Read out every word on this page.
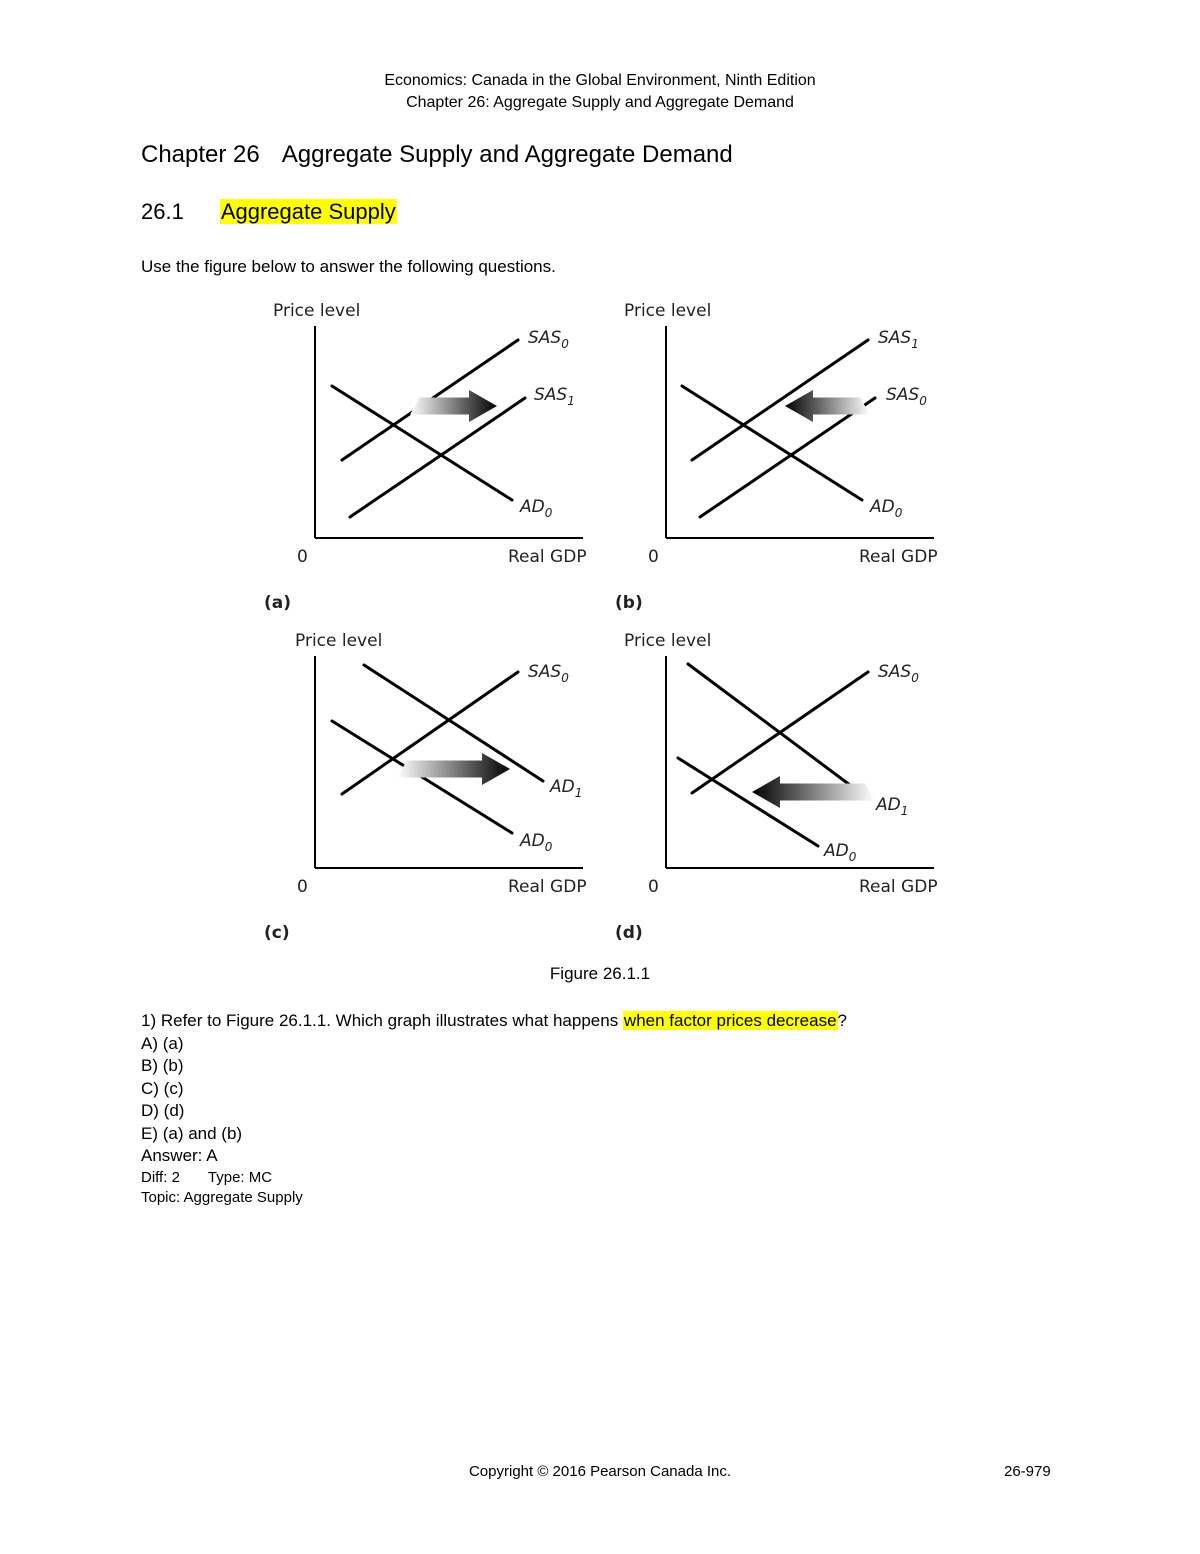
Economics: Canada in the Global Environment, Ninth Edition
Chapter 26: Aggregate Supply and Aggregate Demand
Chapter 26 Aggregate Supply and Aggregate Demand
26.1 Aggregate Supply
Use the figure below to answer the following questions.
Price level
Real GDP
0
(a)
$SAS_0$
$SAS_1$
$AD_0$
Price level
Real GDP
0
(b)
$SAS_1$
$SAS_0$
$AD_0$
Price level
Real GDP
0
(c)
$SAS_0$
$AD_1$
$AD_0$
Price level
Real GDP
0
(d)
$SAS_0$
$AD_1$
$AD_0$
Figure 26.1.1
1) Refer to Figure 26.1.1. Which graph illustrates what happens when factor prices decrease?
A) (a)
B) (b)
C) (c)
D) (d)
E) (a) and (b)
Answer: A
Diff: 2 Type: MC
Topic: Aggregate Supply
Copyright © 2016 Pearson Canada Inc.	26-979
